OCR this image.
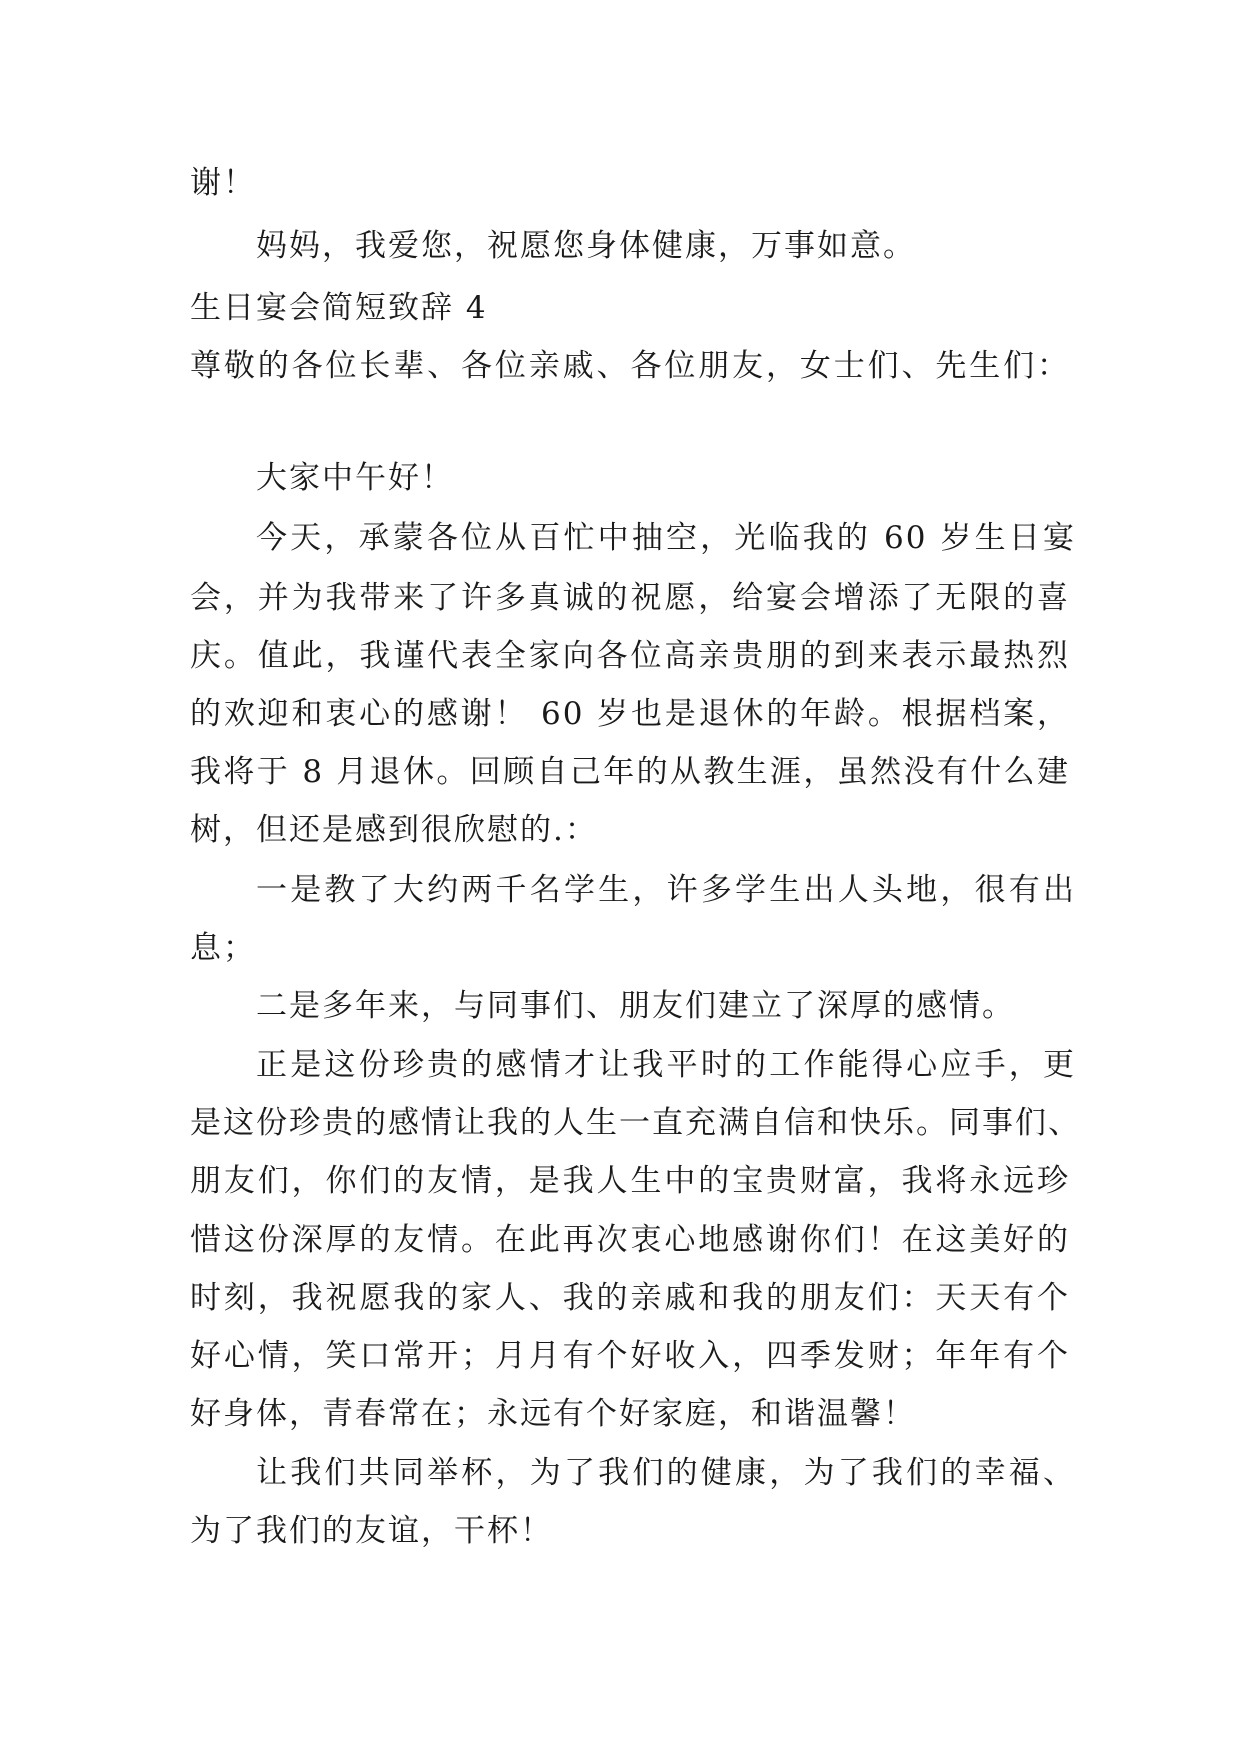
谢！

妈妈，我爱您，祝愿您身体健康，万事如意。

生日宴会简短致辞 4

尊敬的各位长辈、各位亲戚、各位朋友，女士们、先生们：

大家中午好！

今天，承蒙各位从百忙中抽空，光临我的 60 岁生日宴

会，并为我带来了许多真诚的祝愿，给宴会增添了无限的喜

庆。值此，我谨代表全家向各位高亲贵朋的到来表示最热烈

的欢迎和衷心的感谢！ 60 岁也是退休的年龄。根据档案，

我将于 8 月退休。回顾自己年的从教生涯，虽然没有什么建

树，但还是感到很欣慰的.：

一是教了大约两千名学生，许多学生出人头地，很有出

息；

二是多年来，与同事们、朋友们建立了深厚的感情。

正是这份珍贵的感情才让我平时的工作能得心应手，更

是这份珍贵的感情让我的人生一直充满自信和快乐。同事们、

朋友们，你们的友情，是我人生中的宝贵财富，我将永远珍

惜这份深厚的友情。在此再次衷心地感谢你们！在这美好的

时刻，我祝愿我的家人、我的亲戚和我的朋友们：天天有个

好心情，笑口常开；月月有个好收入，四季发财；年年有个

好身体，青春常在；永远有个好家庭，和谐温馨！

让我们共同举杯，为了我们的健康，为了我们的幸福、

为了我们的友谊，干杯！
